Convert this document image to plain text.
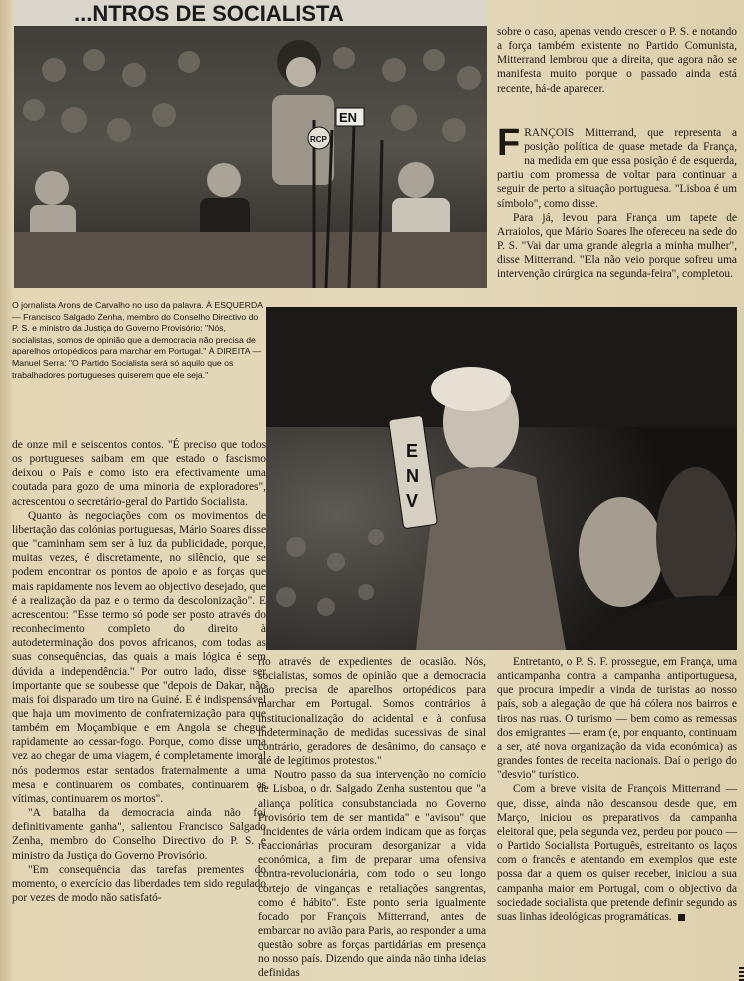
...NTROS DE SOCIALISTA
EN
RCP

sobre o caso, apenas vendo crescer o P. S. e notando a força também existente no Partido Comunista, Mitterrand lembrou que a direita, que agora não se manifesta muito porque o passado ainda está recente, há-de aparecer.

FRANÇOIS Mitterrand, que representa a posição política de quase metade da França, na medida em que essa posição é de esquerda, partiu com promessa de voltar para continuar a seguir de perto a situação portuguesa. "Lisboa é um símbolo", como disse.

Para já, levou para França um tapete de Arraiolos, que Mário Soares lhe ofereceu na sede do P. S. "Vai dar uma grande alegria a minha mulher", disse Mitterrand. "Ela não veio porque sofreu uma intervenção cirúrgica na segunda-feira", completou.

O jornalista Arons de Carvalho no uso da palavra. À ESQUERDA — Francisco Salgado Zenha, membro do Conselho Directivo do P. S. e ministro da Justiça do Governo Provisório: "Nós, socialistas, somos de opinião que a democracia não precisa de aparelhos ortopédicos para marchar em Portugal." À DIREITA — Manuel Serra: "O Partido Socialista será só aquilo que os trabalhadores portugueses quiserem que ele seja."

E
N
V

de onze mil e seiscentos contos. "É preciso que todos os portugueses saibam em que estado o fascismo deixou o País e como isto era efectivamente uma coutada para gozo de uma minoria de exploradores", acrescentou o secretário-geral do Partido Socialista.

Quanto às negociações com os movimentos de libertação das colónias portuguesas, Mário Soares disse que "caminham sem ser à luz da publicidade, porque, muitas vezes, é discretamente, no silêncio, que se podem encontrar os pontos de apoio e as forças que mais rapidamente nos levem ao objectivo desejado, que é a realização da paz e o termo da descolonização". E acrescentou: "Esse termo só pode ser posto através do reconhecimento completo do direito à autodeterminação dos povos africanos, com todas as suas consequências, das quais a mais lógica é sem dúvida a independência." Por outro lado, disse ser importante que se soubesse que "depois de Dakar, não mais foi disparado um tiro na Guiné. E é indispensável que haja um movimento de confraternização para que também em Moçambique e em Angola se chegue rapidamente ao cessar-fogo. Porque, como disse uma vez ao chegar de uma viagem, é completamente imoral nós podermos estar sentados fraternalmente a uma mesa e continuarem os combates, continuarem as vítimas, continuarem os mortos".

"A batalha da democracia ainda não foi definitivamente ganha", salientou Francisco Salgado Zenha, membro do Conselho Directivo do P. S. e ministro da Justiça do Governo Provisório.

"Em consequência das tarefas prementes do momento, o exercício das liberdades tem sido regulado por vezes de modo não satisfató-

rio através de expedientes de ocasião. Nós, socialistas, somos de opinião que a democracia não precisa de aparelhos ortopédicos para marchar em Portugal. Somos contrários à institucionalização do acidental e à confusa indeterminação de medidas sucessivas de sinal contrário, geradores de desânimo, do cansaço e até de legítimos protestos."

Noutro passo da sua intervenção no comício de Lisboa, o dr. Salgado Zenha sustentou que "a aliança política consubstanciada no Governo Provisório tem de ser mantida" e "avisou" que "incidentes de vária ordem indicam que as forças reaccionárias procuram desorganizar a vida económica, a fim de preparar uma ofensiva contra-revolucionária, com todo o seu longo cortejo de vinganças e retaliações sangrentas, como é hábito". Este ponto seria igualmente focado por François Mitterrand, antes de embarcar no avião para Paris, ao responder a uma questão sobre as forças partidárias em presença no nosso país. Dizendo que ainda não tinha ideias definidas

Entretanto, o P. S. F. prossegue, em França, uma anticampanha contra a campanha antiportuguesa, que procura impedir a vinda de turistas ao nosso país, sob a alegação de que há cólera nos bairros e tiros nas ruas. O turismo — bem como as remessas dos emigrantes — eram (e, por enquanto, continuam a ser, até nova organização da vida económica) as grandes fontes de receita nacionais. Daí o perigo do "desvio" turístico.

Com a breve visita de François Mitterrand — que, disse, ainda não descansou desde que, em Março, iniciou os preparativos da campanha eleitoral que, pela segunda vez, perdeu por pouco — o Partido Socialista Português, estreitanto os laços com o francês e atentando em exemplos que este possa dar a quem os quiser receber, iniciou a sua campanha maior em Portugal, com o objectivo da sociedade socialista que pretende definir segundo as suas linhas ideológicas programáticas.
